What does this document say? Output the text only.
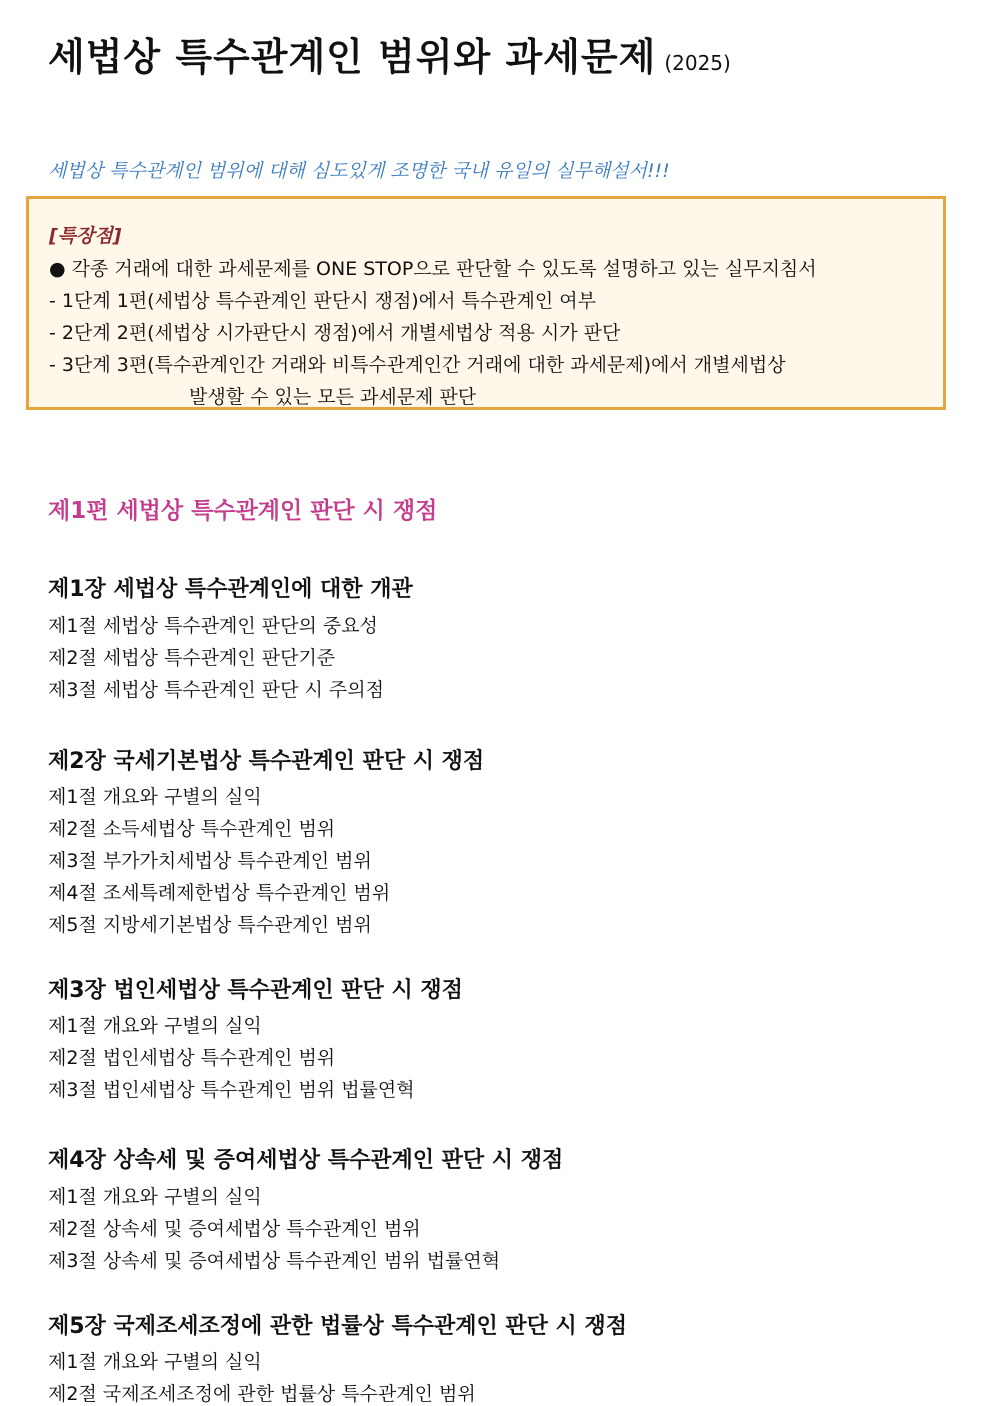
세법상 특수관계인 범위와 과세문제 (2025)
세법상 특수관계인 범위에 대해 심도있게 조명한 국내 유일의 실무해설서!!!
[특장점]
● 각종 거래에 대한 과세문제를 ONE STOP으로 판단할 수 있도록 설명하고 있는 실무지침서
- 1단계 1편(세법상 특수관계인 판단시 쟁점)에서 특수관계인 여부
- 2단계 2편(세법상 시가판단시 쟁점)에서 개별세법상 적용 시가 판단
- 3단계 3편(특수관계인간 거래와 비특수관계인간 거래에 대한 과세문제)에서 개별세법상
발생할 수 있는 모든 과세문제 판단
제1편 세법상 특수관계인 판단 시 쟁점
제1장 세법상 특수관계인에 대한 개관
제1절 세법상 특수관계인 판단의 중요성
제2절 세법상 특수관계인 판단기준
제3절 세법상 특수관계인 판단 시 주의점
제2장 국세기본법상 특수관계인 판단 시 쟁점
제1절 개요와 구별의 실익
제2절 소득세법상 특수관계인 범위
제3절 부가가치세법상 특수관계인 범위
제4절 조세특례제한법상 특수관계인 범위
제5절 지방세기본법상 특수관계인 범위
제3장 법인세법상 특수관계인 판단 시 쟁점
제1절 개요와 구별의 실익
제2절 법인세법상 특수관계인 범위
제3절 법인세법상 특수관계인 범위 법률연혁
제4장 상속세 및 증여세법상 특수관계인 판단 시 쟁점
제1절 개요와 구별의 실익
제2절 상속세 및 증여세법상 특수관계인 범위
제3절 상속세 및 증여세법상 특수관계인 범위 법률연혁
제5장 국제조세조정에 관한 법률상 특수관계인 판단 시 쟁점
제1절 개요와 구별의 실익
제2절 국제조세조정에 관한 법률상 특수관계인 범위
